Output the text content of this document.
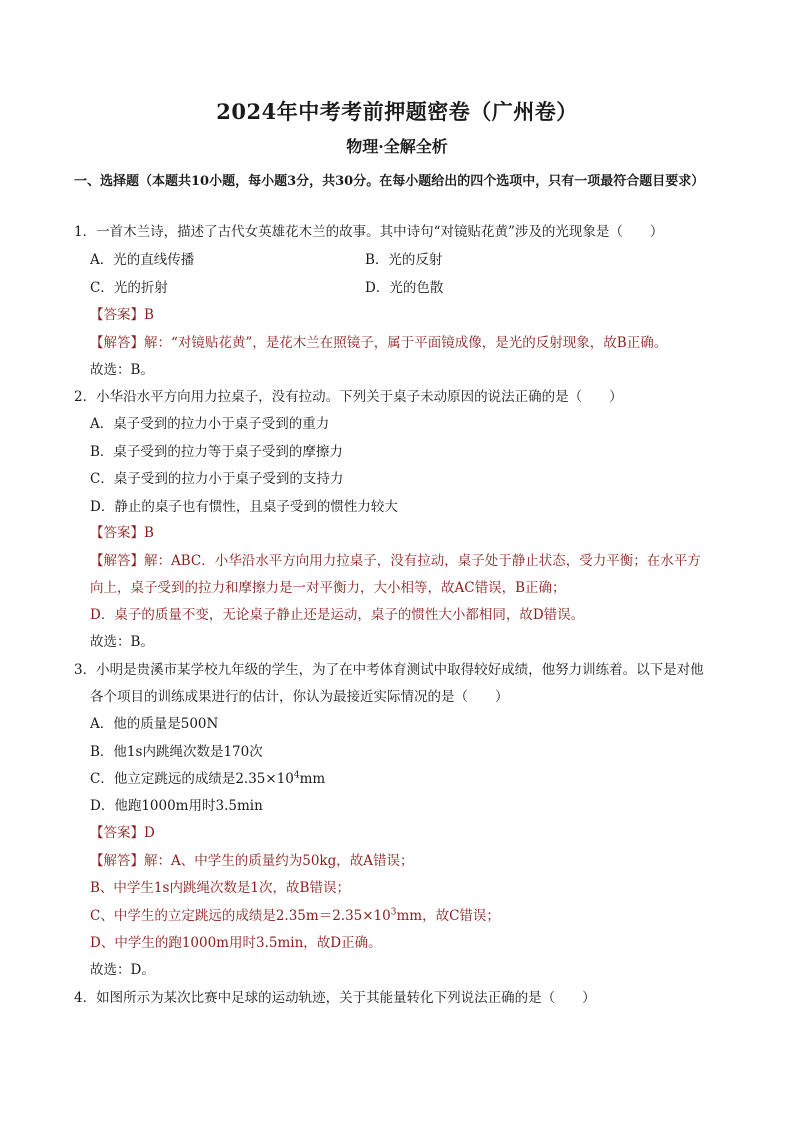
2024年中考考前押题密卷（广州卷）
物理·全解全析
一、选择题（本题共10小题，每小题3分，共30分。在每小题给出的四个选项中，只有一项最符合题目要求）
1．一首木兰诗，描述了古代女英雄花木兰的故事。其中诗句“对镜贴花黄”涉及的光现象是（　　）
A．光的直线传播	B．光的反射
C．光的折射	D．光的色散
【答案】B
【解答】解：“对镜贴花黄”，是花木兰在照镜子，属于平面镜成像，是光的反射现象，故B正确。
故选：B。
2．小华沿水平方向用力拉桌子，没有拉动。下列关于桌子未动原因的说法正确的是（　　）
A．桌子受到的拉力小于桌子受到的重力
B．桌子受到的拉力等于桌子受到的摩擦力
C．桌子受到的拉力小于桌子受到的支持力
D．静止的桌子也有惯性，且桌子受到的惯性力较大
【答案】B
【解答】解：ABC．小华沿水平方向用力拉桌子，没有拉动，桌子处于静止状态，受力平衡；在水平方
向上，桌子受到的拉力和摩擦力是一对平衡力，大小相等，故AC错误，B正确；
D．桌子的质量不变，无论桌子静止还是运动，桌子的惯性大小都相同，故D错误。
故选：B。
3．小明是贵溪市某学校九年级的学生，为了在中考体育测试中取得较好成绩，他努力训练着。以下是对他
各个项目的训练成果进行的估计，你认为最接近实际情况的是（　　）
A．他的质量是500N
B．他1s内跳绳次数是170次
C．他立定跳远的成绩是$2.35\times 10^4mm$
D．他跑1000m用时3.5min
【答案】D
【解答】解：A、中学生的质量约为50kg，故A错误；
B、中学生1s内跳绳次数是1次，故B错误；
C、中学生的立定跳远的成绩是$2.35m=2.35\times 10^3mm$，故C错误；
D、中学生的跑1000m用时3.5min，故D正确。
故选：D。
4．如图所示为某次比赛中足球的运动轨迹，关于其能量转化下列说法正确的是（　　）
